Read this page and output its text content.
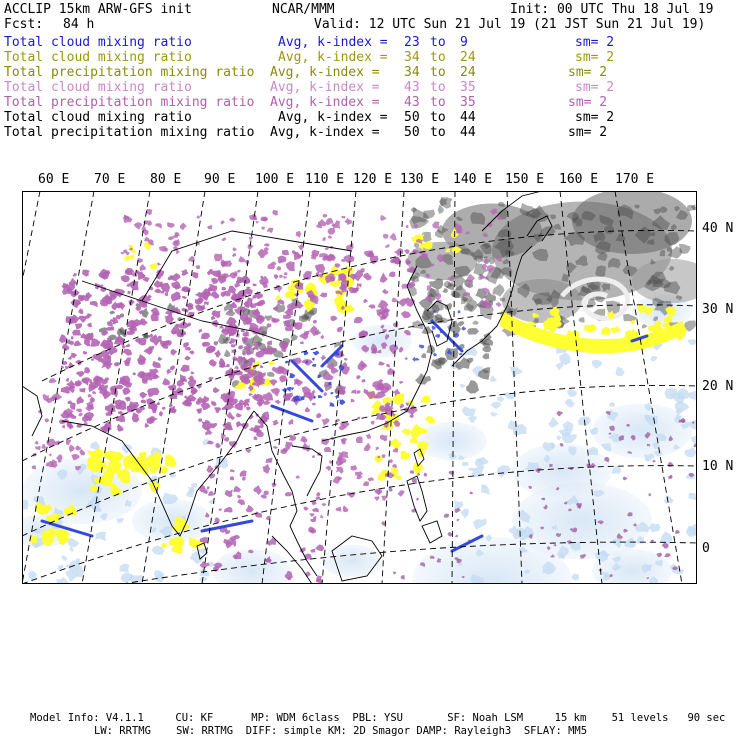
ACCLIP 15km ARW-GFS init	NCAR/MMM	Init: 00 UTC Thu 18 Jul 19
Fcst: 84 h	Valid: 12 UTC Sun 21 Jul 19 (21 JST Sun 21 Jul 19)
Total cloud mixing ratio	Avg, k-index = 23 to 9	sm= 2
Total cloud mixing ratio	Avg, k-index = 34 to 24	sm= 2
Total precipitation mixing ratio Avg, k-index = 34 to 24	sm= 2
Total cloud mixing ratio	Avg, k-index = 43 to 35	sm= 2
Total precipitation mixing ratio Avg, k-index = 43 to 35	sm= 2
Total cloud mixing ratio	Avg, k-index = 50 to 44	sm= 2
Total precipitation mixing ratio Avg, k-index = 50 to 44	sm= 2
60 E 70 E 80 E 90 E 100 E 110 E 120 E 130 E 140 E 150 E 160 E 170 E
40 N
30 N
20 N
10 N
0
Model Info: V4.1.1     CU: KF      MP: WDM 6class  PBL: YSU       SF: Noah LSM     15 km    51 levels   90 sec
LW: RRTMG    SW: RRTMG  DIFF: simple KM: 2D Smagor DAMP: Rayleigh3  SFLAY: MM5
